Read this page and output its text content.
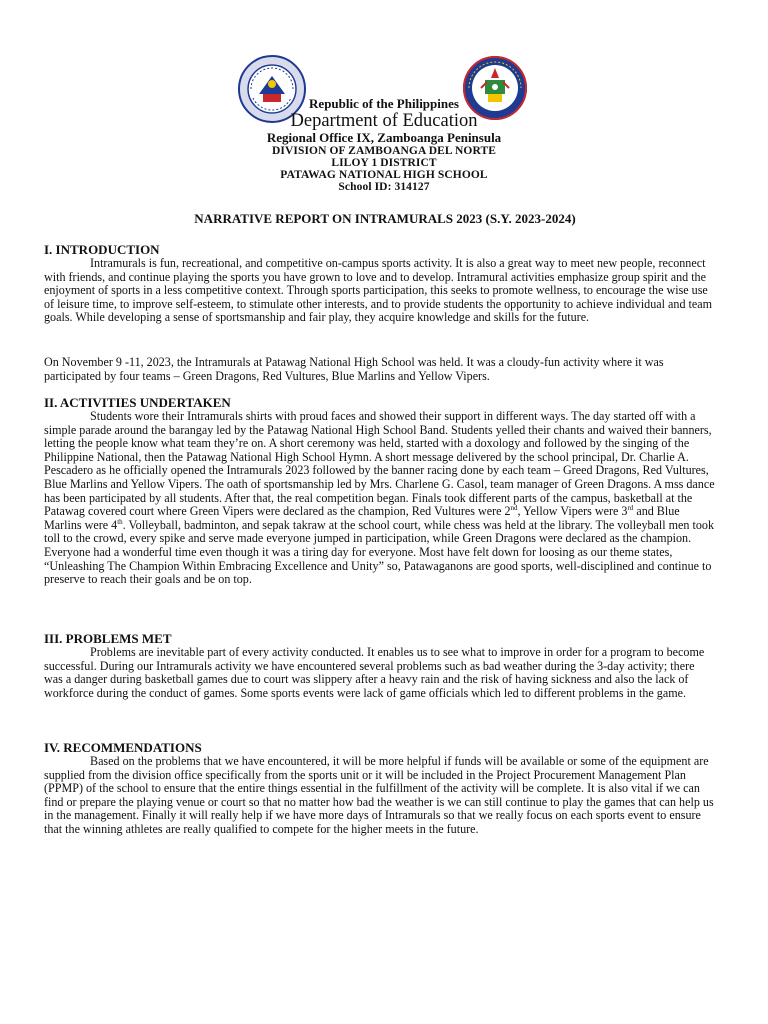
Republic of the Philippines
Department of Education
Regional Office IX, Zamboanga Peninsula
DIVISION OF ZAMBOANGA DEL NORTE
LILOY 1 DISTRICT
PATAWAG NATIONAL HIGH SCHOOL
School ID: 314127
NARRATIVE REPORT ON INTRAMURALS 2023 (S.Y. 2023-2024)

I. INTRODUCTION

Intramurals is fun, recreational, and competitive on-campus sports activity. It is also a great way to meet new people, reconnect with friends, and continue playing the sports you have grown to love and to develop. Intramural activities emphasize group spirit and the enjoyment of sports in a less competitive context. Through sports participation, this seeks to promote wellness, to encourage the wise use of leisure time, to improve self-esteem, to stimulate other interests, and to provide students the opportunity to achieve individual and team goals. While developing a sense of sportsmanship and fair play, they acquire knowledge and skills for the future.

On November 9 -11, 2023, the Intramurals at Patawag National High School was held. It was a cloudy-fun activity where it was participated by four teams – Green Dragons, Red Vultures, Blue Marlins and Yellow Vipers.

II. ACTIVITIES UNDERTAKEN

Students wore their Intramurals shirts with proud faces and showed their support in different ways. The day started off with a simple parade around the barangay led by the Patawag National High School Band. Students yelled their chants and waived their banners, letting the people know what team they’re on. A short ceremony was held, started with a doxology and followed by the singing of the Philippine National, then the Patawag National High School Hymn. A short message delivered by the school principal, Dr. Charlie A. Pescadero as he officially opened the Intramurals 2023 followed by the banner racing done by each team – Greed Dragons, Red Vultures, Blue Marlins and Yellow Vipers. The oath of sportsmanship led by Mrs. Charlene G. Casol, team manager of Green Dragons. A mss dance has been participated by all students. After that, the real competition began. Finals took different parts of the campus, basketball at the Patawag covered court where Green Vipers were declared as the champion, Red Vultures were 2nd, Yellow Vipers were 3rd and Blue Marlins were 4th. Volleyball, badminton, and sepak takraw at the school court, while chess was held at the library. The volleyball men took toll to the crowd, every spike and serve made everyone jumped in participation, while Green Dragons were declared as the champion. Everyone had a wonderful time even though it was a tiring day for everyone. Most have felt down for loosing as our theme states, “Unleashing The Champion Within Embracing Excellence and Unity” so, Patawaganons are good sports, well-disciplined and continue to preserve to reach their goals and be on top.

III. PROBLEMS MET

Problems are inevitable part of every activity conducted. It enables us to see what to improve in order for a program to become successful. During our Intramurals activity we have encountered several problems such as bad weather during the 3-day activity; there was a danger during basketball games due to court was slippery after a heavy rain and the risk of having sickness and also the lack of workforce during the conduct of games. Some sports events were lack of game officials which led to different problems in the game.

IV. RECOMMENDATIONS

Based on the problems that we have encountered, it will be more helpful if funds will be available or some of the equipment are supplied from the division office specifically from the sports unit or it will be included in the Project Procurement Management Plan (PPMP) of the school to ensure that the entire things essential in the fulfillment of the activity will be complete. It is also vital if we can find or prepare the playing venue or court so that no matter how bad the weather is we can still continue to play the games that can help us in the management. Finally it will really help if we have more days of Intramurals so that we really focus on each sports event to ensure that the winning athletes are really qualified to compete for the higher meets in the future.
